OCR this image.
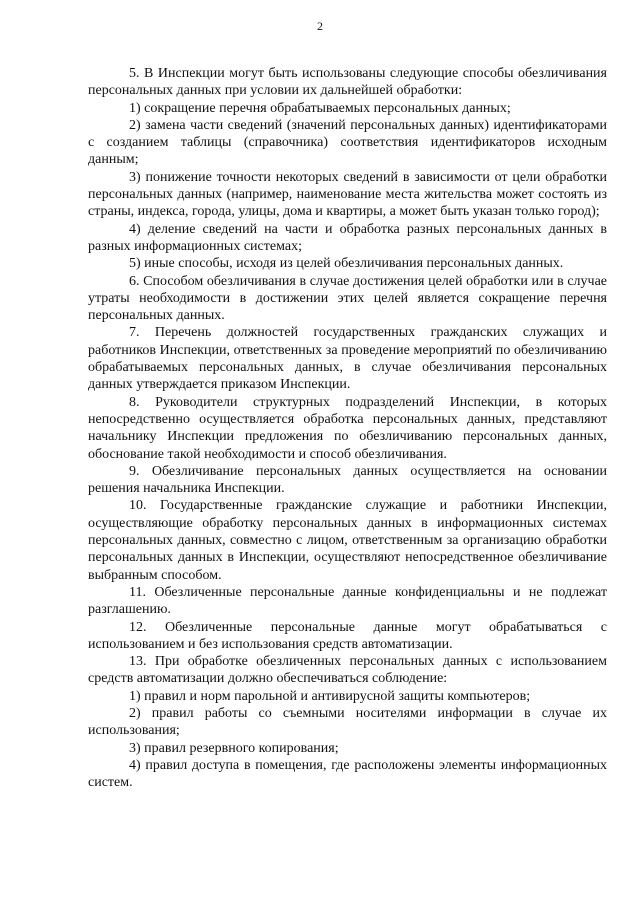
2

5. В Инспекции могут быть использованы следующие способы обезличивания персональных данных при условии их дальнейшей обработки:

1) сокращение перечня обрабатываемых персональных данных;

2) замена части сведений (значений персональных данных) идентификаторами с созданием таблицы (справочника) соответствия идентификаторов исходным данным;

3) понижение точности некоторых сведений в зависимости от цели обработки персональных данных (например, наименование места жительства может состоять из страны, индекса, города, улицы, дома и квартиры, а может быть указан только город);

4) деление сведений на части и обработка разных персональных данных в разных информационных системах;

5) иные способы, исходя из целей обезличивания персональных данных.

6. Способом обезличивания в случае достижения целей обработки или в случае утраты необходимости в достижении этих целей является сокращение перечня персональных данных.

7. Перечень должностей государственных гражданских служащих и работников Инспекции, ответственных за проведение мероприятий по обезличиванию обрабатываемых персональных данных, в случае обезличивания персональных данных утверждается приказом Инспекции.

8. Руководители структурных подразделений Инспекции, в которых непосредственно осуществляется обработка персональных данных, представляют начальнику Инспекции предложения по обезличиванию персональных данных, обоснование такой необходимости и способ обезличивания.

9. Обезличивание персональных данных осуществляется на основании решения начальника Инспекции.

10. Государственные гражданские служащие и работники Инспекции, осуществляющие обработку персональных данных в информационных системах персональных данных, совместно с лицом, ответственным за организацию обработки персональных данных в Инспекции, осуществляют непосредственное обезличивание выбранным способом.

11. Обезличенные персональные данные конфиденциальны и не подлежат разглашению.

12. Обезличенные персональные данные могут обрабатываться с использованием и без использования средств автоматизации.

13. При обработке обезличенных персональных данных с использованием средств автоматизации должно обеспечиваться соблюдение:

1) правил и норм парольной и антивирусной защиты компьютеров;

2) правил работы со съемными носителями информации в случае их использования;

3) правил резервного копирования;

4) правил доступа в помещения, где расположены элементы информационных систем.
